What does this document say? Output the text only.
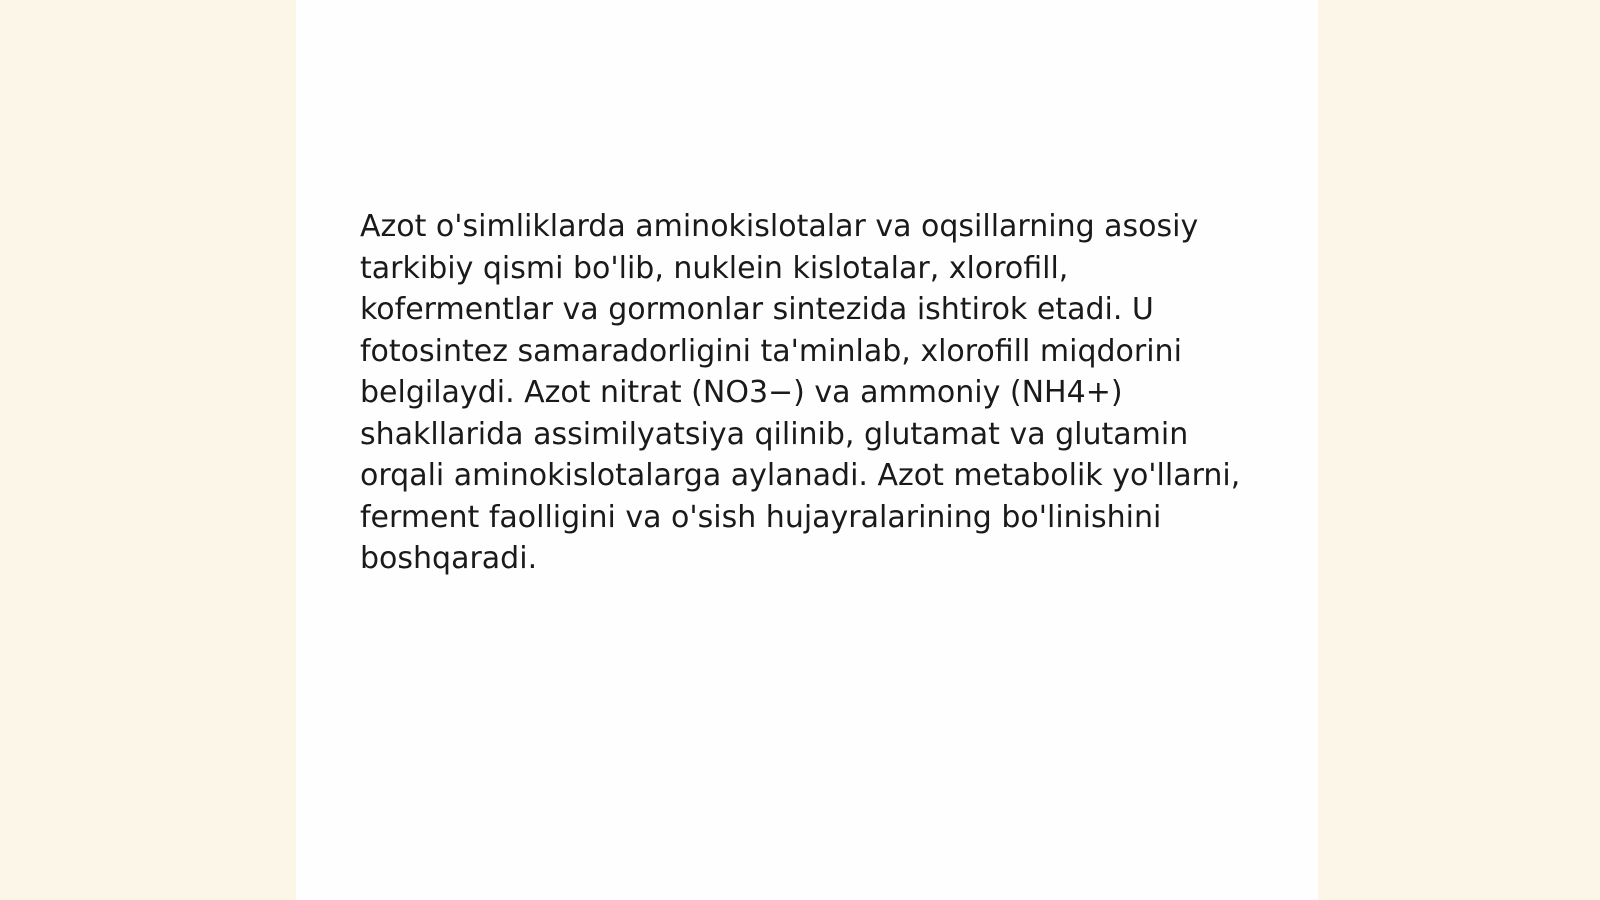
Azot o'simliklarda aminokislotalar va oqsillarning asosiy tarkibiy qismi bo'lib, nuklein kislotalar, xlorofill, kofermentlar va gormonlar sintezida ishtirok etadi. U fotosintez samaradorligini ta'minlab, xlorofill miqdorini belgilaydi. Azot nitrat (NO3−) va ammoniy (NH4+) shakllarida assimilyatsiya qilinib, glutamat va glutamin orqali aminokislotalarga aylanadi. Azot metabolik yo'llarni, ferment faolligini va o'sish hujayralarining bo'linishini boshqaradi.
